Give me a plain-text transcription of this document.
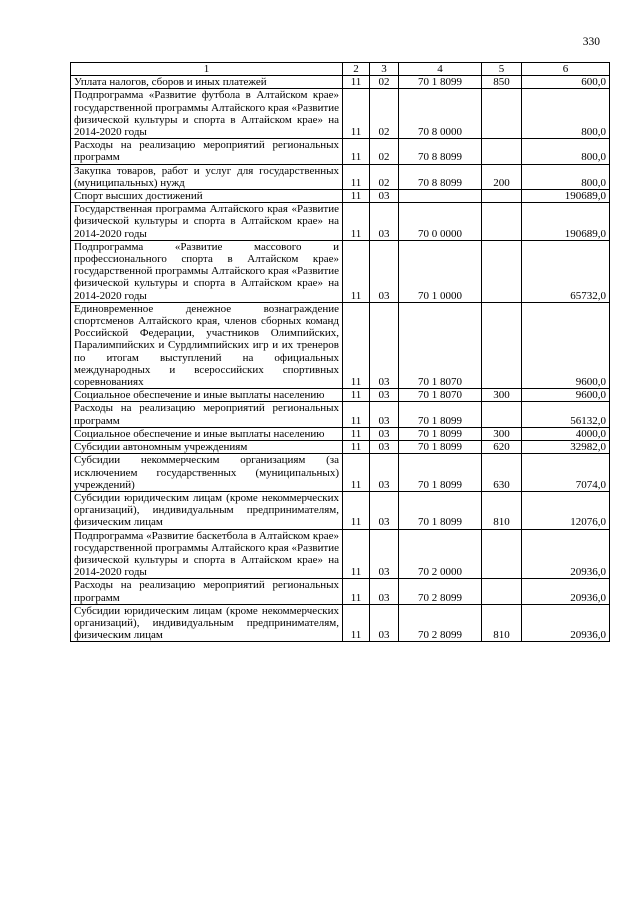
330
1	2	3	4	5	6
Уплата налогов, сборов и иных платежей	11	02	70 1 8099	850	600,0
Подпрограмма «Развитие футбола в Алтайском крае» государственной программы Алтайского края «Развитие физической культуры и спорта в Алтайском крае» на 2014-2020 годы	11	02	70 8 0000		800,0
Расходы на реализацию мероприятий региональных программ	11	02	70 8 8099		800,0
Закупка товаров, работ и услуг для государственных (муниципальных) нужд	11	02	70 8 8099	200	800,0
Спорт высших достижений	11	03			190689,0
Государственная программа Алтайского края «Развитие физической культуры и спорта в Алтайском крае» на 2014-2020 годы	11	03	70 0 0000		190689,0
Подпрограмма «Развитие массового и профессионального спорта в Алтайском крае» государственной программы Алтайского края «Развитие физической культуры и спорта в Алтайском крае» на 2014-2020 годы	11	03	70 1 0000		65732,0
Единовременное денежное вознаграждение спортсменов Алтайского края, членов сборных команд Российской Федерации, участников Олимпийских, Паралимпийских и Сурдлимпийских игр и их тренеров по итогам выступлений на официальных международных и всероссийских спортивных соревнованиях	11	03	70 1 8070		9600,0
Социальное обеспечение и иные выплаты населению	11	03	70 1 8070	300	9600,0
Расходы на реализацию мероприятий региональных программ	11	03	70 1 8099		56132,0
Социальное обеспечение и иные выплаты населению	11	03	70 1 8099	300	4000,0
Субсидии автономным учреждениям	11	03	70 1 8099	620	32982,0
Субсидии некоммерческим организациям (за исключением государственных (муниципальных) учреждений)	11	03	70 1 8099	630	7074,0
Субсидии юридическим лицам (кроме некоммерческих организаций), индивидуальным предпринимателям, физическим лицам	11	03	70 1 8099	810	12076,0
Подпрограмма «Развитие баскетбола в Алтайском крае» государственной программы Алтайского края «Развитие физической культуры и спорта в Алтайском крае» на 2014-2020 годы	11	03	70 2 0000		20936,0
Расходы на реализацию мероприятий региональных программ	11	03	70 2 8099		20936,0
Субсидии юридическим лицам (кроме некоммерческих организаций), индивидуальным предпринимателям, физическим лицам	11	03	70 2 8099	810	20936,0
